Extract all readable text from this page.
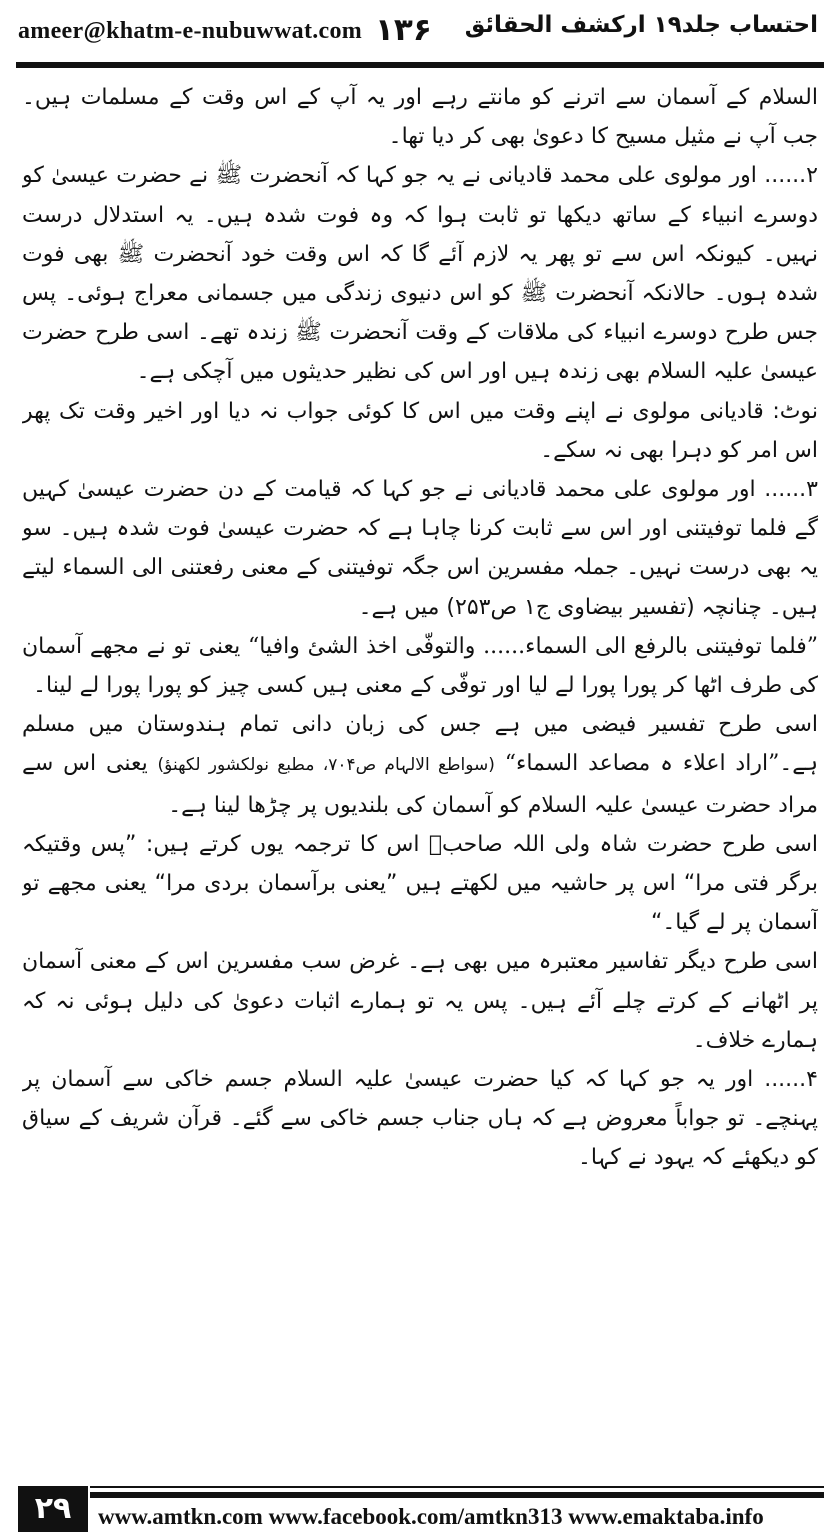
ameer@khatm-e-nubuwwat.com ۱۳۶ احتساب جلد۱۹ ارکشف الحقائق

السلام کے آسمان سے اترنے کو مانتے رہے اور یہ آپ کے اس وقت کے مسلمات ہیں۔ جب آپ نے مثیل مسیح کا دعویٰ بھی کر دیا تھا۔

۲...... اور مولوی علی محمد قادیانی نے یہ جو کہا کہ آنحضرت ﷺ نے حضرت عیسیٰ کو دوسرے انبیاء کے ساتھ دیکھا تو ثابت ہوا کہ وہ فوت شدہ ہیں۔ یہ استدلال درست نہیں۔ کیونکہ اس سے تو پھر یہ لازم آئے گا کہ اس وقت خود آنحضرت ﷺ بھی فوت شدہ ہوں۔ حالانکہ آنحضرت ﷺ کو اس دنیوی زندگی میں جسمانی معراج ہوئی۔ پس جس طرح دوسرے انبیاء کی ملاقات کے وقت آنحضرت ﷺ زندہ تھے۔ اسی طرح حضرت عیسیٰ علیہ السلام بھی زندہ ہیں اور اس کی نظیر حدیثوں میں آچکی ہے۔

نوٹ: قادیانی مولوی نے اپنے وقت میں اس کا کوئی جواب نہ دیا اور اخیر وقت تک پھر اس امر کو دہرا بھی نہ سکے۔

۳...... اور مولوی علی محمد قادیانی نے جو کہا کہ قیامت کے دن حضرت عیسیٰ کہیں گے فلما توفیتنی اور اس سے ثابت کرنا چاہا ہے کہ حضرت عیسیٰ فوت شدہ ہیں۔ سو یہ بھی درست نہیں۔ جملہ مفسرین اس جگہ توفیتنی کے معنی رفعتنی الی السماء لیتے ہیں۔ چنانچہ (تفسیر بیضاوی ج۱ ص۲۵۳) میں ہے۔

”فلما توفیتنی بالرفع الی السماء...... والتوفّی اخذ الشئ وافیا“ یعنی تو نے مجھے آسمان کی طرف اٹھا کر پورا پورا لے لیا اور توفّی کے معنی ہیں کسی چیز کو پورا پورا لے لینا۔

اسی طرح تفسیر فیضی میں ہے جس کی زبان دانی تمام ہندوستان میں مسلم ہے۔”اراد اعلاء ہ مصاعد السماء“ (سواطع الالہام ص۷۰۴، مطبع نولکشور لکھنؤ) یعنی اس سے مراد حضرت عیسیٰ علیہ السلام کو آسمان کی بلندیوں پر چڑھا لینا ہے۔

اسی طرح حضرت شاہ ولی اللہ صاحبؒ اس کا ترجمہ یوں کرتے ہیں: ”پس وقتیکہ برگر فتی مرا“ اس پر حاشیہ میں لکھتے ہیں ”یعنی برآسمان بردی مرا“ یعنی مجھے تو آسمان پر لے گیا۔“

اسی طرح دیگر تفاسیر معتبرہ میں بھی ہے۔ غرض سب مفسرین اس کے معنی آسمان پر اٹھانے کے کرتے چلے آئے ہیں۔ پس یہ تو ہمارے اثبات دعویٰ کی دلیل ہوئی نہ کہ ہمارے خلاف۔

۴...... اور یہ جو کہا کہ کیا حضرت عیسیٰ علیہ السلام جسم خاکی سے آسمان پر پہنچے۔ تو جواباً معروض ہے کہ ہاں جناب جسم خاکی سے گئے۔ قرآن شریف کے سیاق کو دیکھئے کہ یہود نے کہا۔

۲۹	www.amtkn.com www.facebook.com/amtkn313 www.emaktaba.info
